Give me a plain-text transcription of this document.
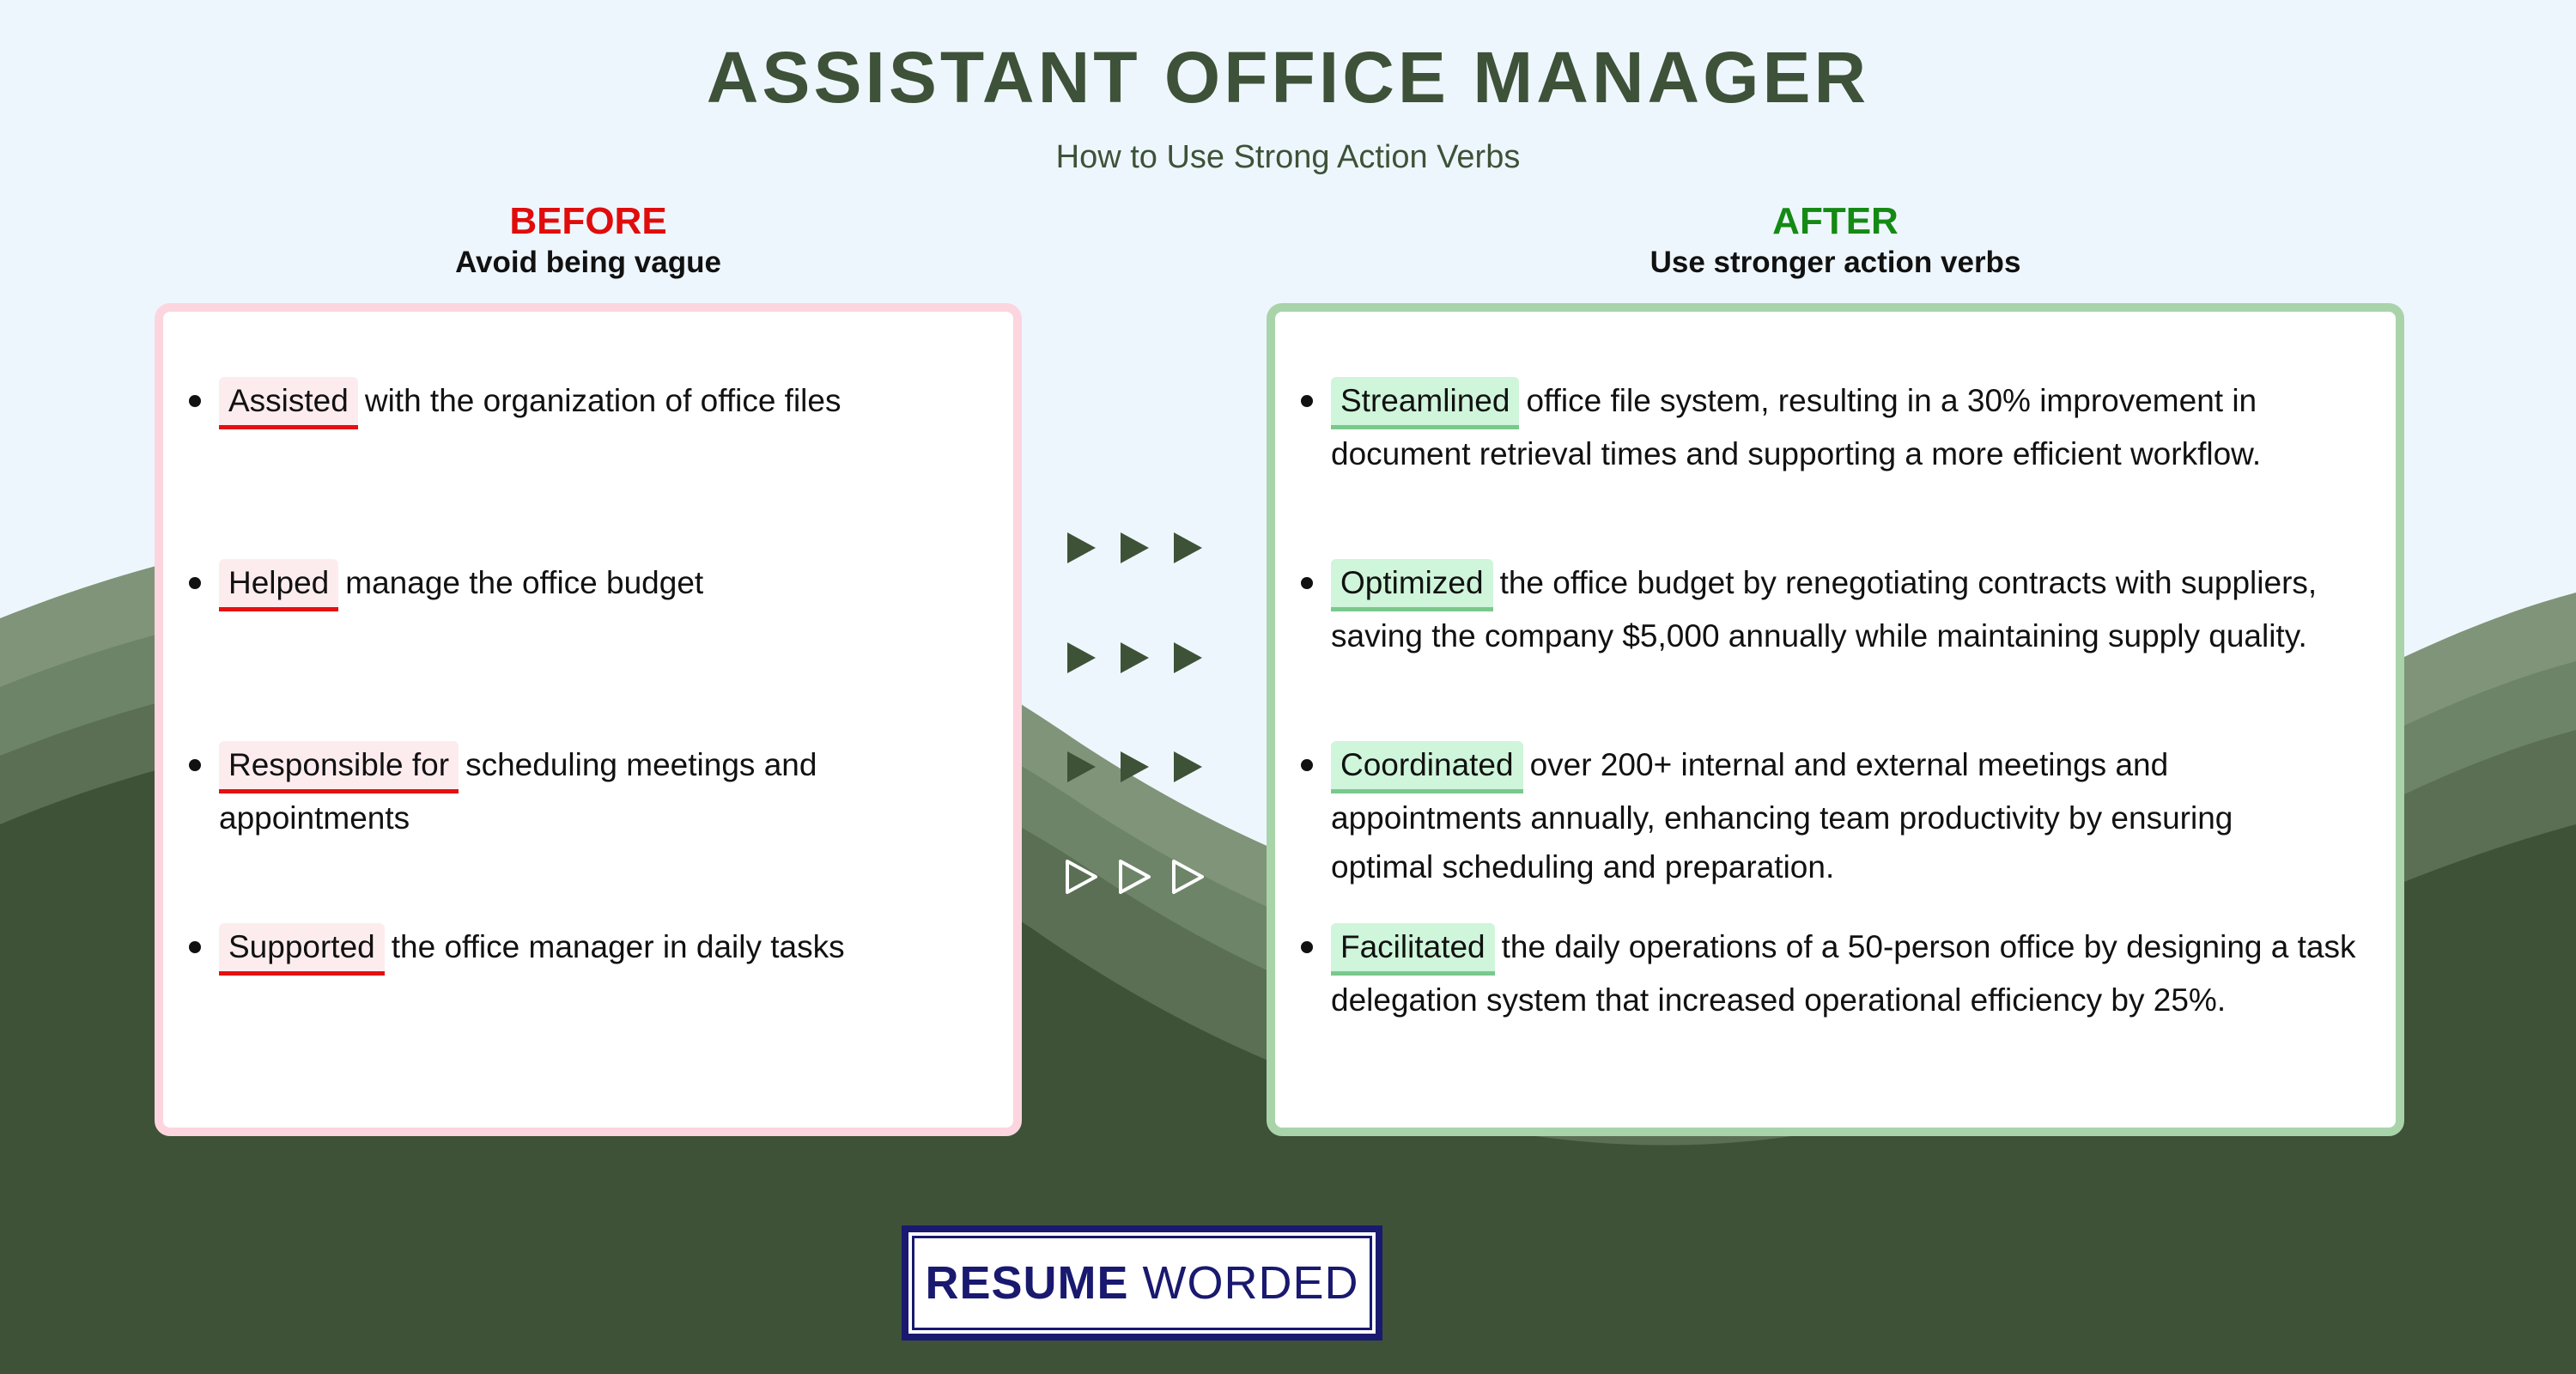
ASSISTANT OFFICE MANAGER
How to Use Strong Action Verbs
BEFORE
Avoid being vague
AFTER
Use stronger action verbs
Assisted with the organization of office files
Helped manage the office budget
Responsible for scheduling meetings and appointments
Supported the office manager in daily tasks
Streamlined office file system, resulting in a 30% improvement in document retrieval times and supporting a more efficient workflow.
Optimized the office budget by renegotiating contracts with suppliers, saving the company $5,000 annually while maintaining supply quality.
Coordinated over 200+ internal and external meetings and appointments annually, enhancing team productivity by ensuring optimal scheduling and preparation.
Facilitated the daily operations of a 50-person office by designing a task delegation system that increased operational efficiency by 25%.
RESUME WORDED
